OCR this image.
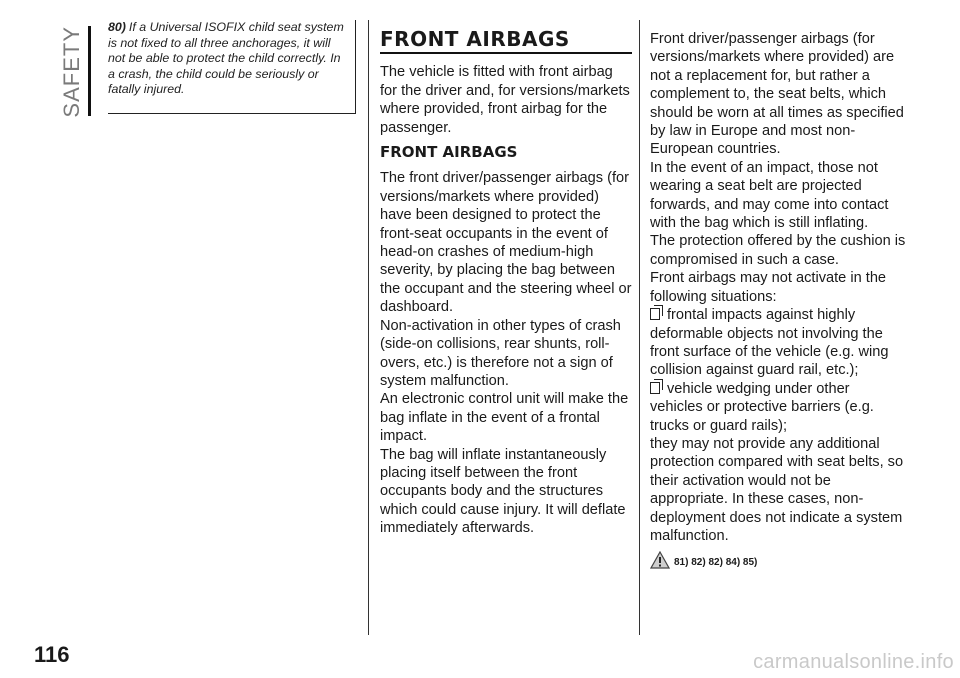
SAFETY
116
80) If a Universal ISOFIX child seat system is not fixed to all three anchorages, it will not be able to protect the child correctly. In a crash, the child could be seriously or fatally injured.
FRONT AIRBAGS

The vehicle is fitted with front airbag for the driver and, for versions/markets where provided, front airbag for the passenger.

FRONT AIRBAGS

The front driver/passenger airbags (for versions/markets where provided) have been designed to protect the front-seat occupants in the event of head-on crashes of medium-high severity, by placing the bag between the occupant and the steering wheel or dashboard.

Non-activation in other types of crash (side-on collisions, rear shunts, roll-overs, etc.) is therefore not a sign of system malfunction.

An electronic control unit will make the bag inflate in the event of a frontal impact.

The bag will inflate instantaneously placing itself between the front occupants body and the structures which could cause injury. It will deflate immediately afterwards.

Front driver/passenger airbags (for versions/markets where provided) are not a replacement for, but rather a complement to, the seat belts, which should be worn at all times as specified by law in Europe and most non-European countries.

In the event of an impact, those not wearing a seat belt are projected forwards, and may come into contact with the bag which is still inflating.

The protection offered by the cushion is compromised in such a case.

Front airbags may not activate in the following situations:

frontal impacts against highly deformable objects not involving the front surface of the vehicle (e.g. wing collision against guard rail, etc.);

vehicle wedging under other vehicles or protective barriers (e.g. trucks or guard rails);

they may not provide any additional protection compared with seat belts, so their activation would not be appropriate. In these cases, non-deployment does not indicate a system malfunction.

81) 82) 82) 84) 85)
carmanualsonline.info
